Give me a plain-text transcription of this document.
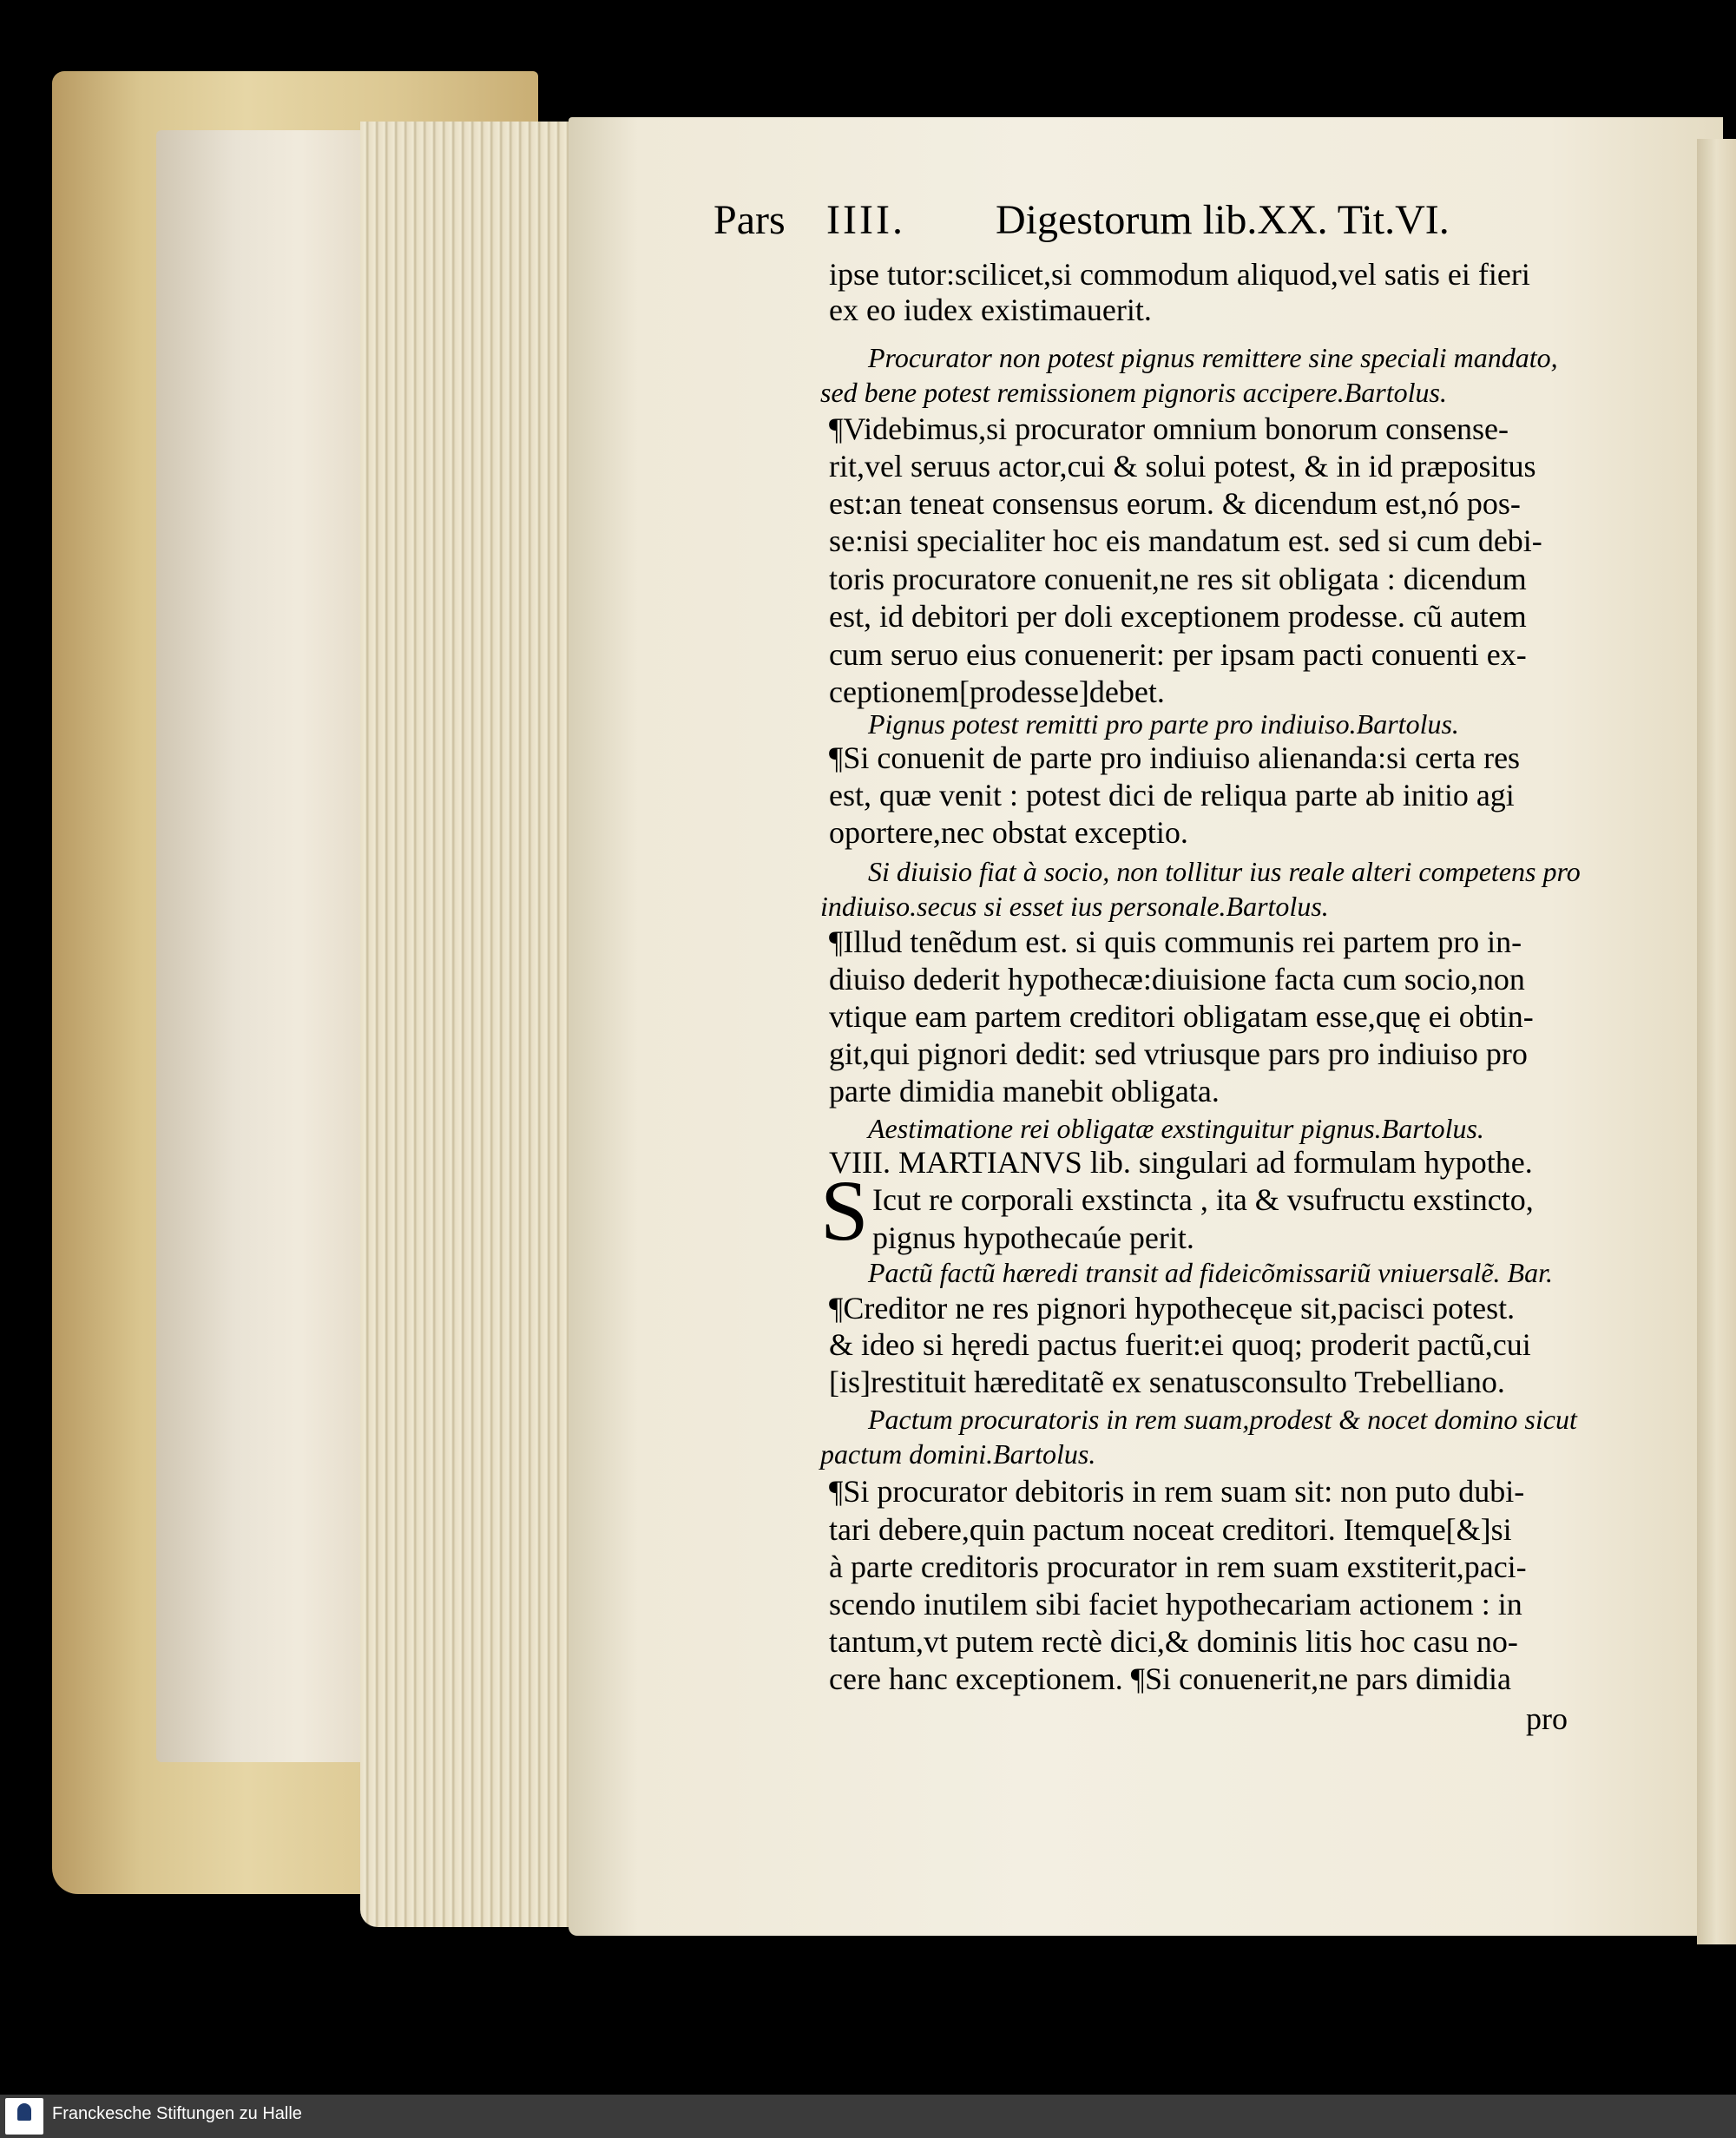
Pars IIII. Digestorum lib.XX. Tit.VI.
ipse tutor:scilicet,si commodum aliquod,vel satis ei fieri
ex eo iudex existimauerit.
Procurator non potest pignus remittere sine speciali mandato,
sed bene potest remissionem pignoris accipere.Bartolus.
¶Videbimus,si procurator omnium bonorum consense-
rit,vel seruus actor,cui & solui potest, & in id præpositus
est:an teneat consensus eorum. & dicendum est,nó pos-
se:nisi specialiter hoc eis mandatum est. sed si cum debi-
toris procuratore conuenit,ne res sit obligata : dicendum
est, id debitori per doli exceptionem prodesse. cũ autem
cum seruo eius conuenerit: per ipsam pacti conuenti ex-
ceptionem[prodesse]debet.
Pignus potest remitti pro parte pro indiuiso.Bartolus.
¶Si conuenit de parte pro indiuiso alienanda:si certa res
est, quæ venit : potest dici de reliqua parte ab initio agi
oportere,nec obstat exceptio.
Si diuisio fiat à socio, non tollitur ius reale alteri competens pro
indiuiso.secus si esset ius personale.Bartolus.
¶Illud tenẽdum est. si quis communis rei partem pro in-
diuiso dederit hypothecæ:diuisione facta cum socio,non
vtique eam partem creditori obligatam esse,quę ei obtin-
git,qui pignori dedit: sed vtriusque pars pro indiuiso pro
parte dimidia manebit obligata.
Aestimatione rei obligatæ exstinguitur pignus.Bartolus.
VIII. MARTIANVS lib. singulari ad formulam hypothe.
Icut re corporali exstincta , ita & vsufructu exstincto,
pignus hypothecaúe perit.
Pactũ factũ hæredi transit ad fideicõmissariũ vniuersalẽ. Bar.
¶Creditor ne res pignori hypothecęue sit,pacisci potest.
& ideo si hęredi pactus fuerit:ei quoq; proderit pactũ,cui
[is]restituit hæreditatẽ ex senatusconsulto Trebelliano.
Pactum procuratoris in rem suam,prodest & nocet domino sicut
pactum domini.Bartolus.
¶Si procurator debitoris in rem suam sit: non puto dubi-
tari debere,quin pactum noceat creditori. Itemque[&]si
à parte creditoris procurator in rem suam exstiterit,paci-
scendo inutilem sibi faciet hypothecariam actionem : in
tantum,vt putem rectè dici,& dominis litis hoc casu no-
cere hanc exceptionem. ¶Si conuenerit,ne pars dimidia
S
pro
Franckesche Stiftungen zu Halle
